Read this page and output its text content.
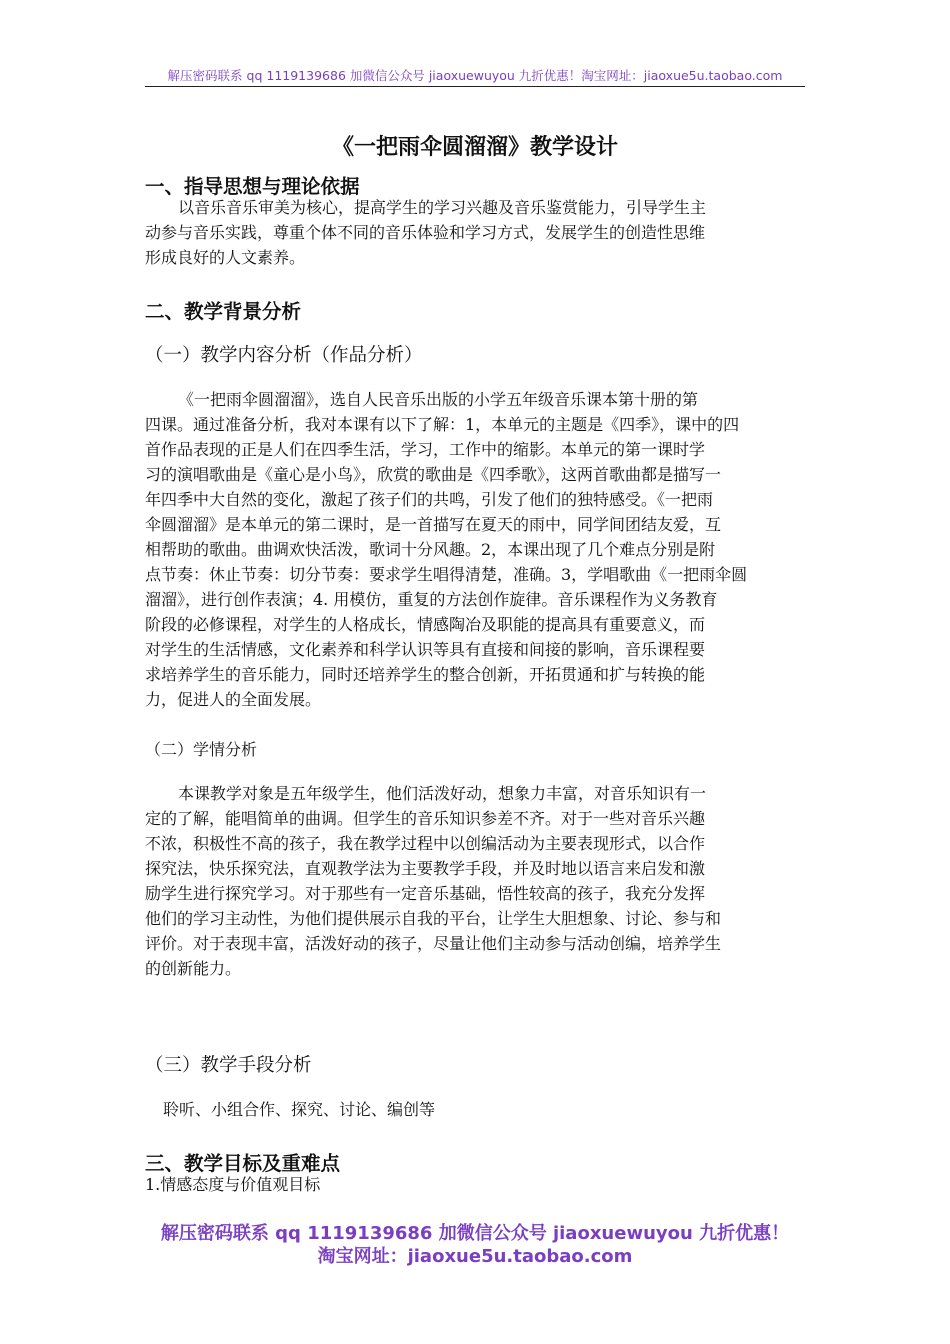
解压密码联系 qq 1119139686 加微信公众号 jiaoxuewuyou 九折优惠！淘宝网址：jiaoxue5u.taobao.com
《一把雨伞圆溜溜》教学设计
一、指导思想与理论依据
以音乐音乐审美为核心，提高学生的学习兴趣及音乐鉴赏能力，引导学生主
动参与音乐实践，尊重个体不同的音乐体验和学习方式，发展学生的创造性思维
形成良好的人文素养。
二、教学背景分析
（一）教学内容分析（作品分析）
《一把雨伞圆溜溜》，选自人民音乐出版的小学五年级音乐课本第十册的第
四课。通过准备分析，我对本课有以下了解：1，本单元的主题是《四季》，课中的四
首作品表现的正是人们在四季生活，学习，工作中的缩影。本单元的第一课时学
习的演唱歌曲是《童心是小鸟》，欣赏的歌曲是《四季歌》，这两首歌曲都是描写一
年四季中大自然的变化，激起了孩子们的共鸣，引发了他们的独特感受。《一把雨
伞圆溜溜》是本单元的第二课时，是一首描写在夏天的雨中，同学间团结友爱，互
相帮助的歌曲。曲调欢快活泼，歌词十分风趣。2，本课出现了几个难点分别是附
点节奏：休止节奏：切分节奏：要求学生唱得清楚，准确。3，学唱歌曲《一把雨伞圆
溜溜》，进行创作表演；4. 用模仿，重复的方法创作旋律。音乐课程作为义务教育
阶段的必修课程，对学生的人格成长，情感陶冶及职能的提高具有重要意义，而
对学生的生活情感，文化素养和科学认识等具有直接和间接的影响，音乐课程要
求培养学生的音乐能力，同时还培养学生的整合创新，开拓贯通和扩与转换的能
力，促进人的全面发展。
（二）学情分析
本课教学对象是五年级学生，他们活泼好动，想象力丰富，对音乐知识有一
定的了解，能唱简单的曲调。但学生的音乐知识参差不齐。对于一些对音乐兴趣
不浓，积极性不高的孩子，我在教学过程中以创编活动为主要表现形式，以合作
探究法，快乐探究法，直观教学法为主要教学手段，并及时地以语言来启发和激
励学生进行探究学习。对于那些有一定音乐基础，悟性较高的孩子，我充分发挥
他们的学习主动性，为他们提供展示自我的平台，让学生大胆想象、讨论、参与和
评价。对于表现丰富，活泼好动的孩子，尽量让他们主动参与活动创编，培养学生
的创新能力。
（三）教学手段分析
聆听、小组合作、探究、讨论、编创等
三、教学目标及重难点
1.情感态度与价值观目标
解压密码联系 qq 1119139686 加微信公众号 jiaoxuewuyou 九折优惠！
淘宝网址：jiaoxue5u.taobao.com
